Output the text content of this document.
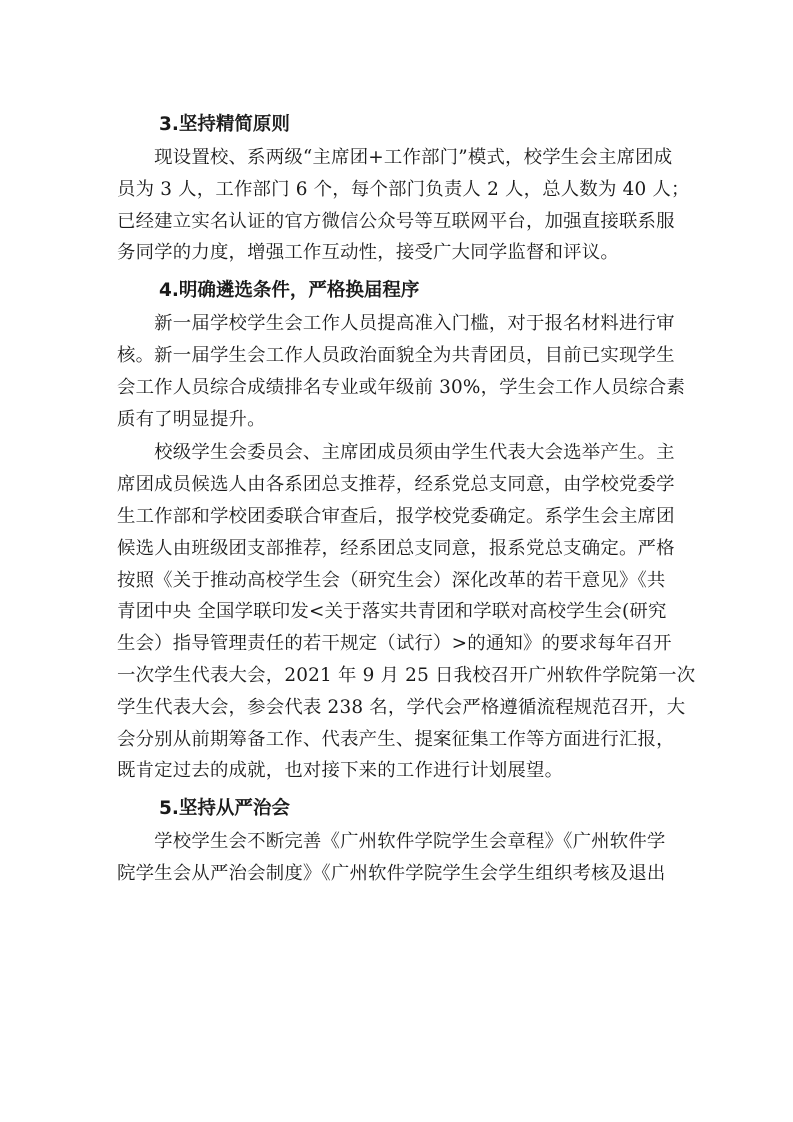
3.坚持精简原则
　　现设置校、系两级“主席团+工作部门”模式，校学生会主席团成
员为 3 人，工作部门 6 个，每个部门负责人 2 人，总人数为 40 人；
已经建立实名认证的官方微信公众号等互联网平台，加强直接联系服
务同学的力度，增强工作互动性，接受广大同学监督和评议。
4.明确遴选条件，严格换届程序
　　新一届学校学生会工作人员提高准入门槛，对于报名材料进行审
核。新一届学生会工作人员政治面貌全为共青团员，目前已实现学生
会工作人员综合成绩排名专业或年级前 30%，学生会工作人员综合素
质有了明显提升。
　　校级学生会委员会、主席团成员须由学生代表大会选举产生。主
席团成员候选人由各系团总支推荐，经系党总支同意，由学校党委学
生工作部和学校团委联合审查后，报学校党委确定。系学生会主席团
候选人由班级团支部推荐，经系团总支同意，报系党总支确定。严格
按照《关于推动高校学生会（研究生会）深化改革的若干意见》《共
青团中央 全国学联印发<关于落实共青团和学联对高校学生会(研究
生会）指导管理责任的若干规定（试行）>的通知》的要求每年召开
一次学生代表大会，2021 年 9 月 25 日我校召开广州软件学院第一次
学生代表大会，参会代表 238 名，学代会严格遵循流程规范召开，大
会分别从前期筹备工作、代表产生、提案征集工作等方面进行汇报，
既肯定过去的成就，也对接下来的工作进行计划展望。
5.坚持从严治会
　　学校学生会不断完善《广州软件学院学生会章程》《广州软件学
院学生会从严治会制度》《广州软件学院学生会学生组织考核及退出
